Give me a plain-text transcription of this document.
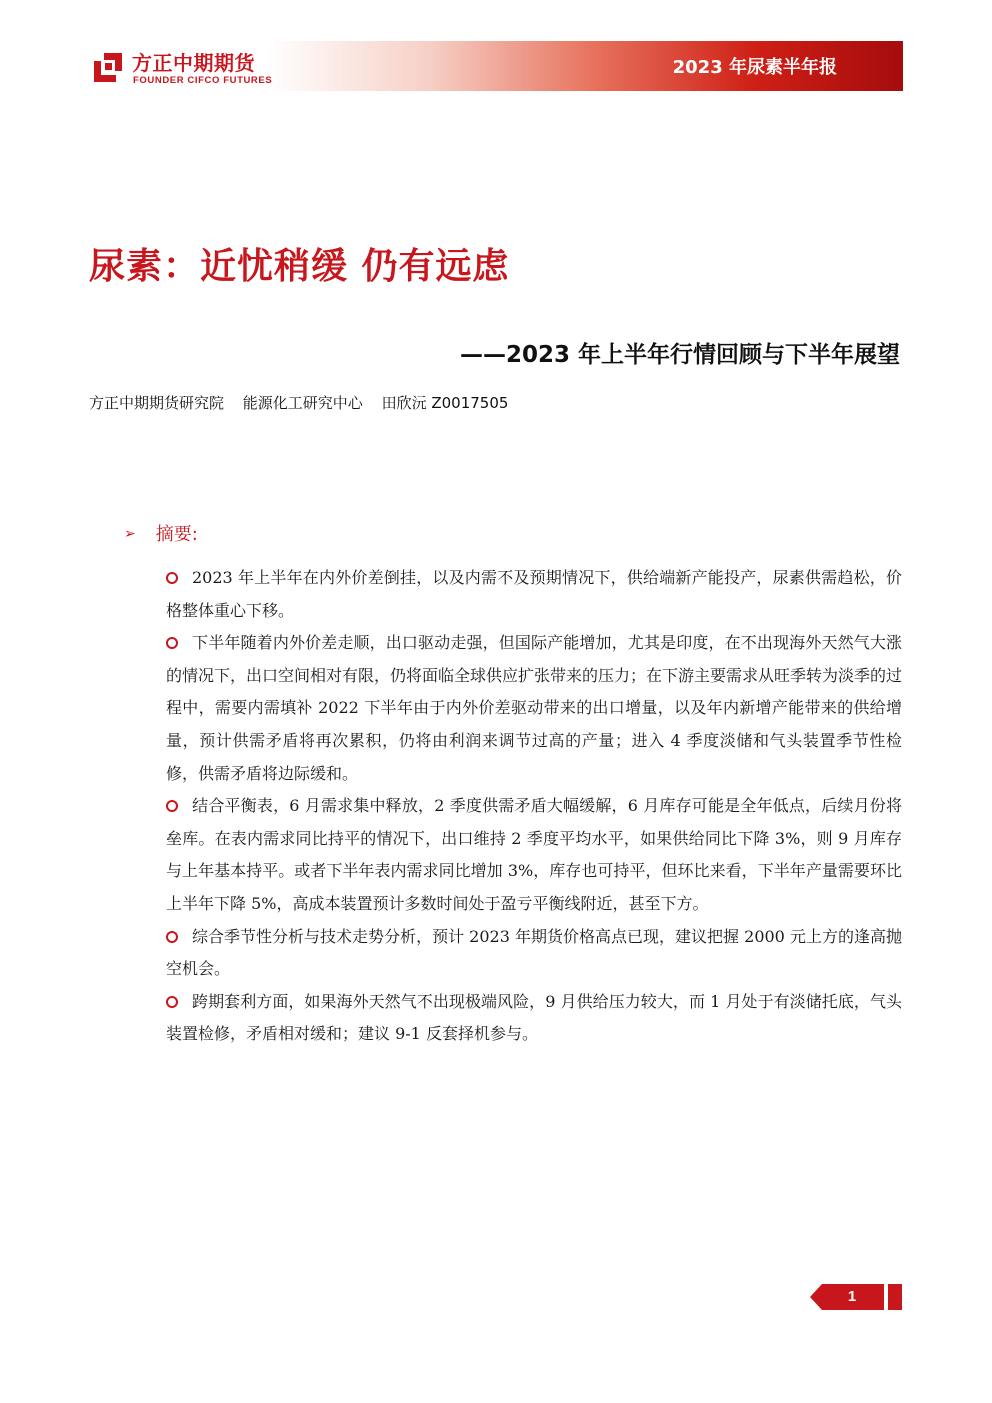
方正中期期货
FOUNDER CIFCO FUTURES
2023 年尿素半年报
尿素：近忧稍缓 仍有远虑
——2023 年上半年行情回顾与下半年展望
方正中期期货研究院 能源化工研究中心 田欣沅 Z0017505
➢ 摘要:
2023 年上半年在内外价差倒挂，以及内需不及预期情况下，供给端新产能投产，尿素供需趋松，价格整体重心下移。
下半年随着内外价差走顺，出口驱动走强，但国际产能增加，尤其是印度，在不出现海外天然气大涨的情况下，出口空间相对有限，仍将面临全球供应扩张带来的压力；在下游主要需求从旺季转为淡季的过程中，需要内需填补 2022 下半年由于内外价差驱动带来的出口增量，以及年内新增产能带来的供给增量，预计供需矛盾将再次累积，仍将由利润来调节过高的产量；进入 4 季度淡储和气头装置季节性检修，供需矛盾将边际缓和。
结合平衡表，6 月需求集中释放，2 季度供需矛盾大幅缓解，6 月库存可能是全年低点，后续月份将垒库。在表内需求同比持平的情况下，出口维持 2 季度平均水平，如果供给同比下降 3%，则 9 月库存与上年基本持平。或者下半年表内需求同比增加 3%，库存也可持平，但环比来看，下半年产量需要环比上半年下降 5%，高成本装置预计多数时间处于盈亏平衡线附近，甚至下方。
综合季节性分析与技术走势分析，预计 2023 年期货价格高点已现，建议把握 2000 元上方的逢高抛空机会。
跨期套利方面，如果海外天然气不出现极端风险，9 月供给压力较大，而 1 月处于有淡储托底，气头装置检修，矛盾相对缓和；建议 9-1 反套择机参与。
1
